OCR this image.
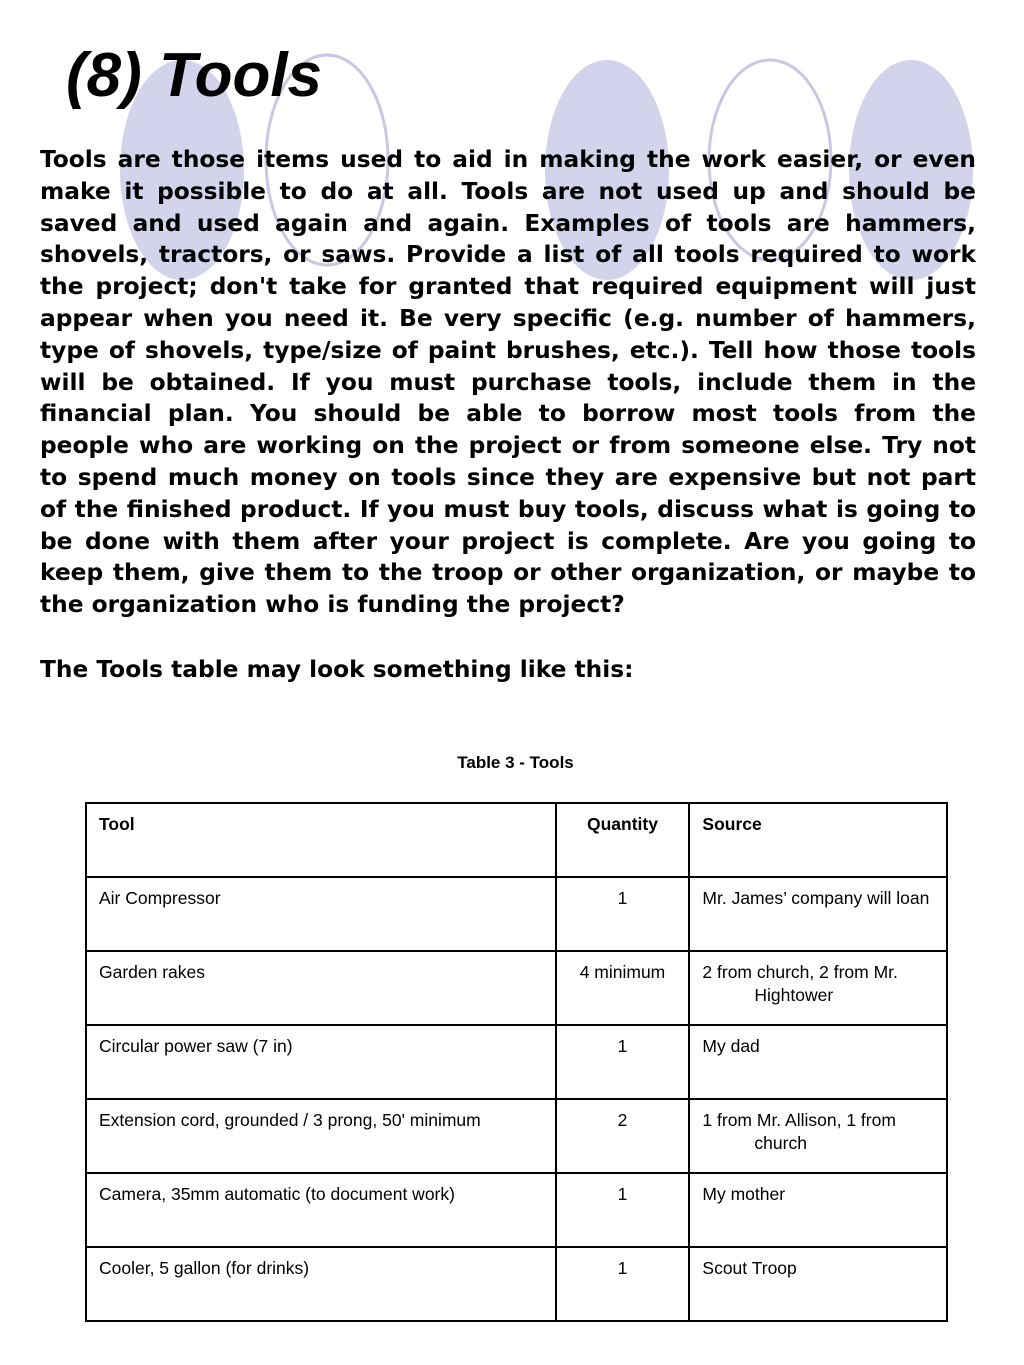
(8) Tools

Tools are those items used to aid in making the work easier, or even make it possible to do at all. Tools are not used up and should be saved and used again and again. Examples of tools are hammers, shovels, tractors, or saws. Provide a list of all tools required to work the project; don't take for granted that required equipment will just appear when you need it. Be very specific (e.g. number of hammers, type of shovels, type/size of paint brushes, etc.). Tell how those tools will be obtained. If you must purchase tools, include them in the financial plan. You should be able to borrow most tools from the people who are working on the project or from someone else. Try not to spend much money on tools since they are expensive but not part of the finished product. If you must buy tools, discuss what is going to be done with them after your project is complete. Are you going to keep them, give them to the troop or other organization, or maybe to the organization who is funding the project?

The Tools table may look something like this:

Table 3 - Tools
Tool	Quantity	Source
Air Compressor	1	Mr. James’ company will loan

Garden rakes	4 minimum	2 from church, 2 from Mr. Hightower

Circular power saw (7 in)	1	My dad

Extension cord, grounded / 3 prong, 50' minimum	2	1 from Mr. Allison, 1 from church

Camera, 35mm automatic (to document work)	1	My mother

Cooler, 5 gallon (for drinks)	1	Scout Troop
